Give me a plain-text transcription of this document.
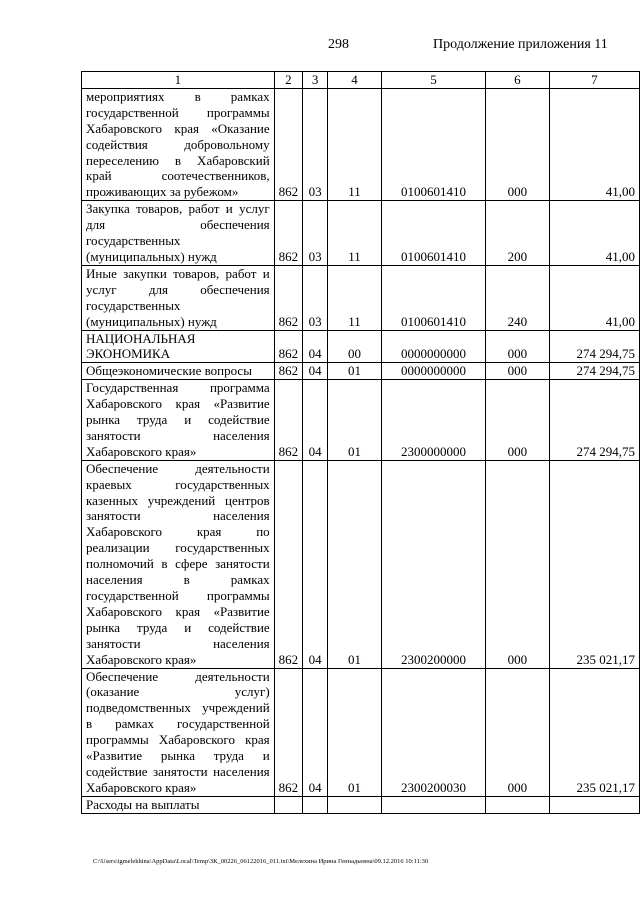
298	Продолжение приложения 11
1	2	3	4	5	6	7
мероприятиях в рамках государственной программы Хабаровского края «Оказание содействия добровольному переселению в Хабаровский край соотечественников, проживающих за рубежом»	862	03	11	0100601410	000	41,00
Закупка товаров, работ и услуг для обеспечения государственных (муниципальных) нужд	862	03	11	0100601410	200	41,00
Иные закупки товаров, работ и услуг для обеспечения государственных (муниципальных) нужд	862	03	11	0100601410	240	41,00
НАЦИОНАЛЬНАЯ ЭКОНОМИКА	862	04	00	0000000000	000	274 294,75
Общеэкономические вопросы	862	04	01	0000000000	000	274 294,75
Государственная программа Хабаровского края «Развитие рынка труда и содействие занятости населения Хабаровского края»	862	04	01	2300000000	000	274 294,75
Обеспечение деятельности краевых государственных казенных учреждений центров занятости населения Хабаровского края по реализации государственных полномочий в сфере занятости населения в рамках государственной программы Хабаровского края «Развитие рынка труда и содействие занятости населения Хабаровского края»	862	04	01	2300200000	000	235 021,17
Обеспечение деятельности (оказание услуг) подведомственных учреждений в рамках государственной программы Хабаровского края «Развитие рынка труда и содействие занятости населения Хабаровского края»	862	04	01	2300200030	000	235 021,17
Расходы на выплаты						
C:\Users\igmelekhina\AppData\Local\Temp\ЗК_00226_06122016_011.txt\Мелехина Ирина Геннадьевна\09.12.2016 10:11:30
